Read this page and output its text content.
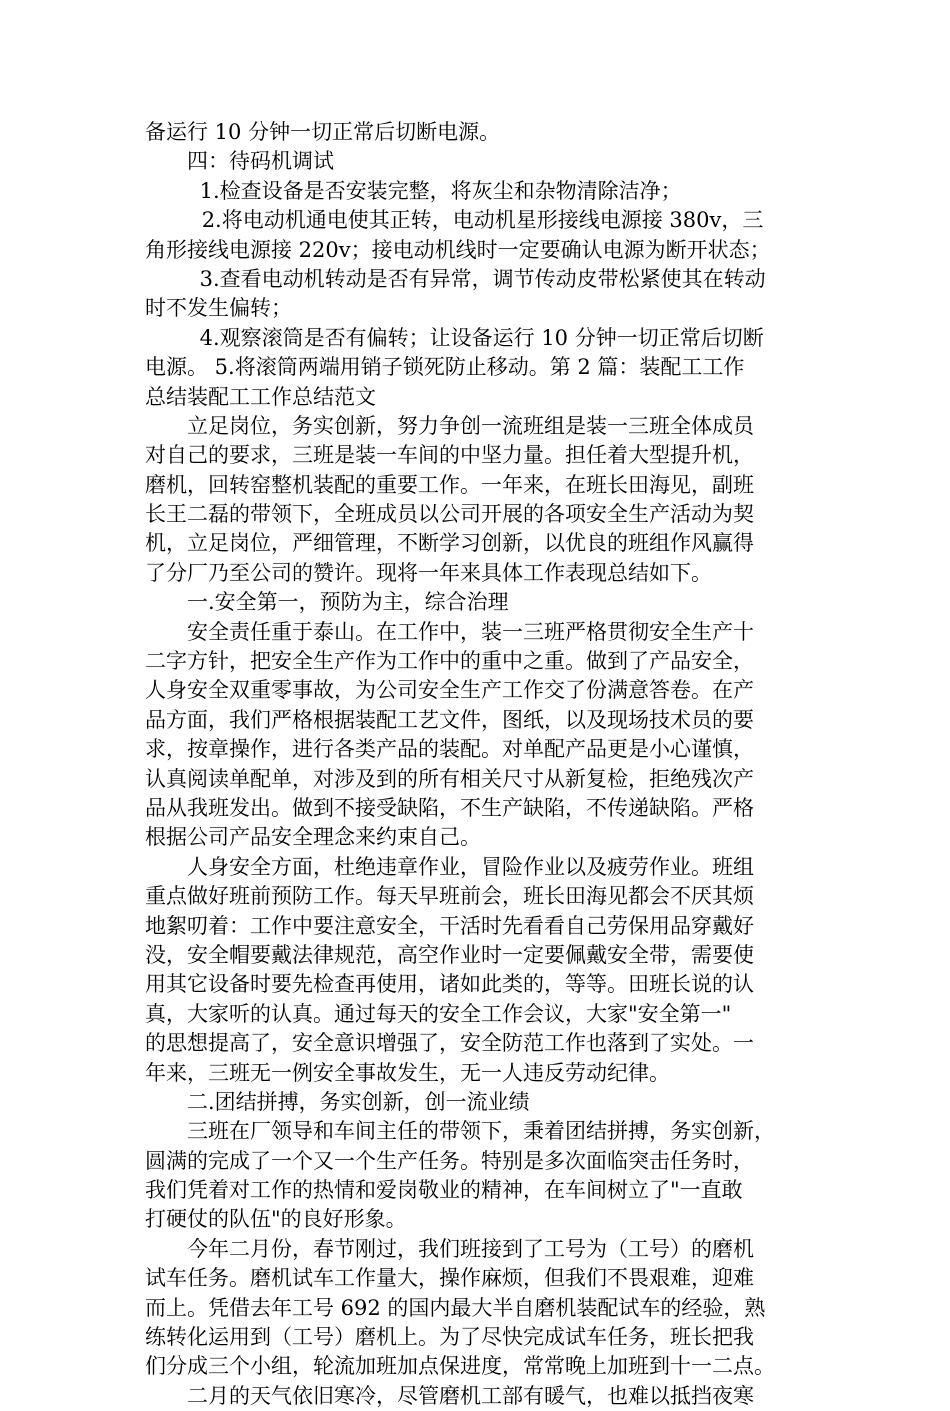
备运行 10 分钟一切正常后切断电源。
四：待码机调试
1.检查设备是否安装完整，将灰尘和杂物清除洁净；
2.将电动机通电使其正转，电动机星形接线电源接 380v，三
角形接线电源接 220v；接电动机线时一定要确认电源为断开状态；
3.查看电动机转动是否有异常，调节传动皮带松紧使其在转动
时不发生偏转；
4.观察滚筒是否有偏转；让设备运行 10 分钟一切正常后切断
电源。 5.将滚筒两端用销子锁死防止移动。第 2 篇：装配工工作
总结装配工工作总结范文
立足岗位，务实创新，努力争创一流班组是装一三班全体成员
对自己的要求，三班是装一车间的中坚力量。担任着大型提升机，
磨机，回转窑整机装配的重要工作。一年来，在班长田海见，副班
长王二磊的带领下，全班成员以公司开展的各项安全生产活动为契
机，立足岗位，严细管理，不断学习创新，以优良的班组作风赢得
了分厂乃至公司的赞许。现将一年来具体工作表现总结如下。
一.安全第一，预防为主，综合治理
安全责任重于泰山。在工作中，装一三班严格贯彻安全生产十
二字方针，把安全生产作为工作中的重中之重。做到了产品安全，
人身安全双重零事故，为公司安全生产工作交了份满意答卷。在产
品方面，我们严格根据装配工艺文件，图纸，以及现场技术员的要
求，按章操作，进行各类产品的装配。对单配产品更是小心谨慎，
认真阅读单配单，对涉及到的所有相关尺寸从新复检，拒绝残次产
品从我班发出。做到不接受缺陷，不生产缺陷，不传递缺陷。严格
根据公司产品安全理念来约束自己。
人身安全方面，杜绝违章作业，冒险作业以及疲劳作业。班组
重点做好班前预防工作。每天早班前会，班长田海见都会不厌其烦
地絮叨着：工作中要注意安全，干活时先看看自己劳保用品穿戴好
没，安全帽要戴法律规范，高空作业时一定要佩戴安全带，需要使
用其它设备时要先检查再使用，诸如此类的，等等。田班长说的认
真，大家听的认真。通过每天的安全工作会议，大家"安全第一"
的思想提高了，安全意识增强了，安全防范工作也落到了实处。一
年来，三班无一例安全事故发生，无一人违反劳动纪律。
二.团结拼搏，务实创新，创一流业绩
三班在厂领导和车间主任的带领下，秉着团结拼搏，务实创新，
圆满的完成了一个又一个生产任务。特别是多次面临突击任务时，
我们凭着对工作的热情和爱岗敬业的精神，在车间树立了"一直敢
打硬仗的队伍"的良好形象。
今年二月份，春节刚过，我们班接到了工号为（工号）的磨机
试车任务。磨机试车工作量大，操作麻烦，但我们不畏艰难，迎难
而上。凭借去年工号 692 的国内最大半自磨机装配试车的经验，熟
练转化运用到（工号）磨机上。为了尽快完成试车任务，班长把我
们分成三个小组，轮流加班加点保进度，常常晚上加班到十一二点。
二月的天气依旧寒冷，尽管磨机工部有暖气，也难以抵挡夜寒
